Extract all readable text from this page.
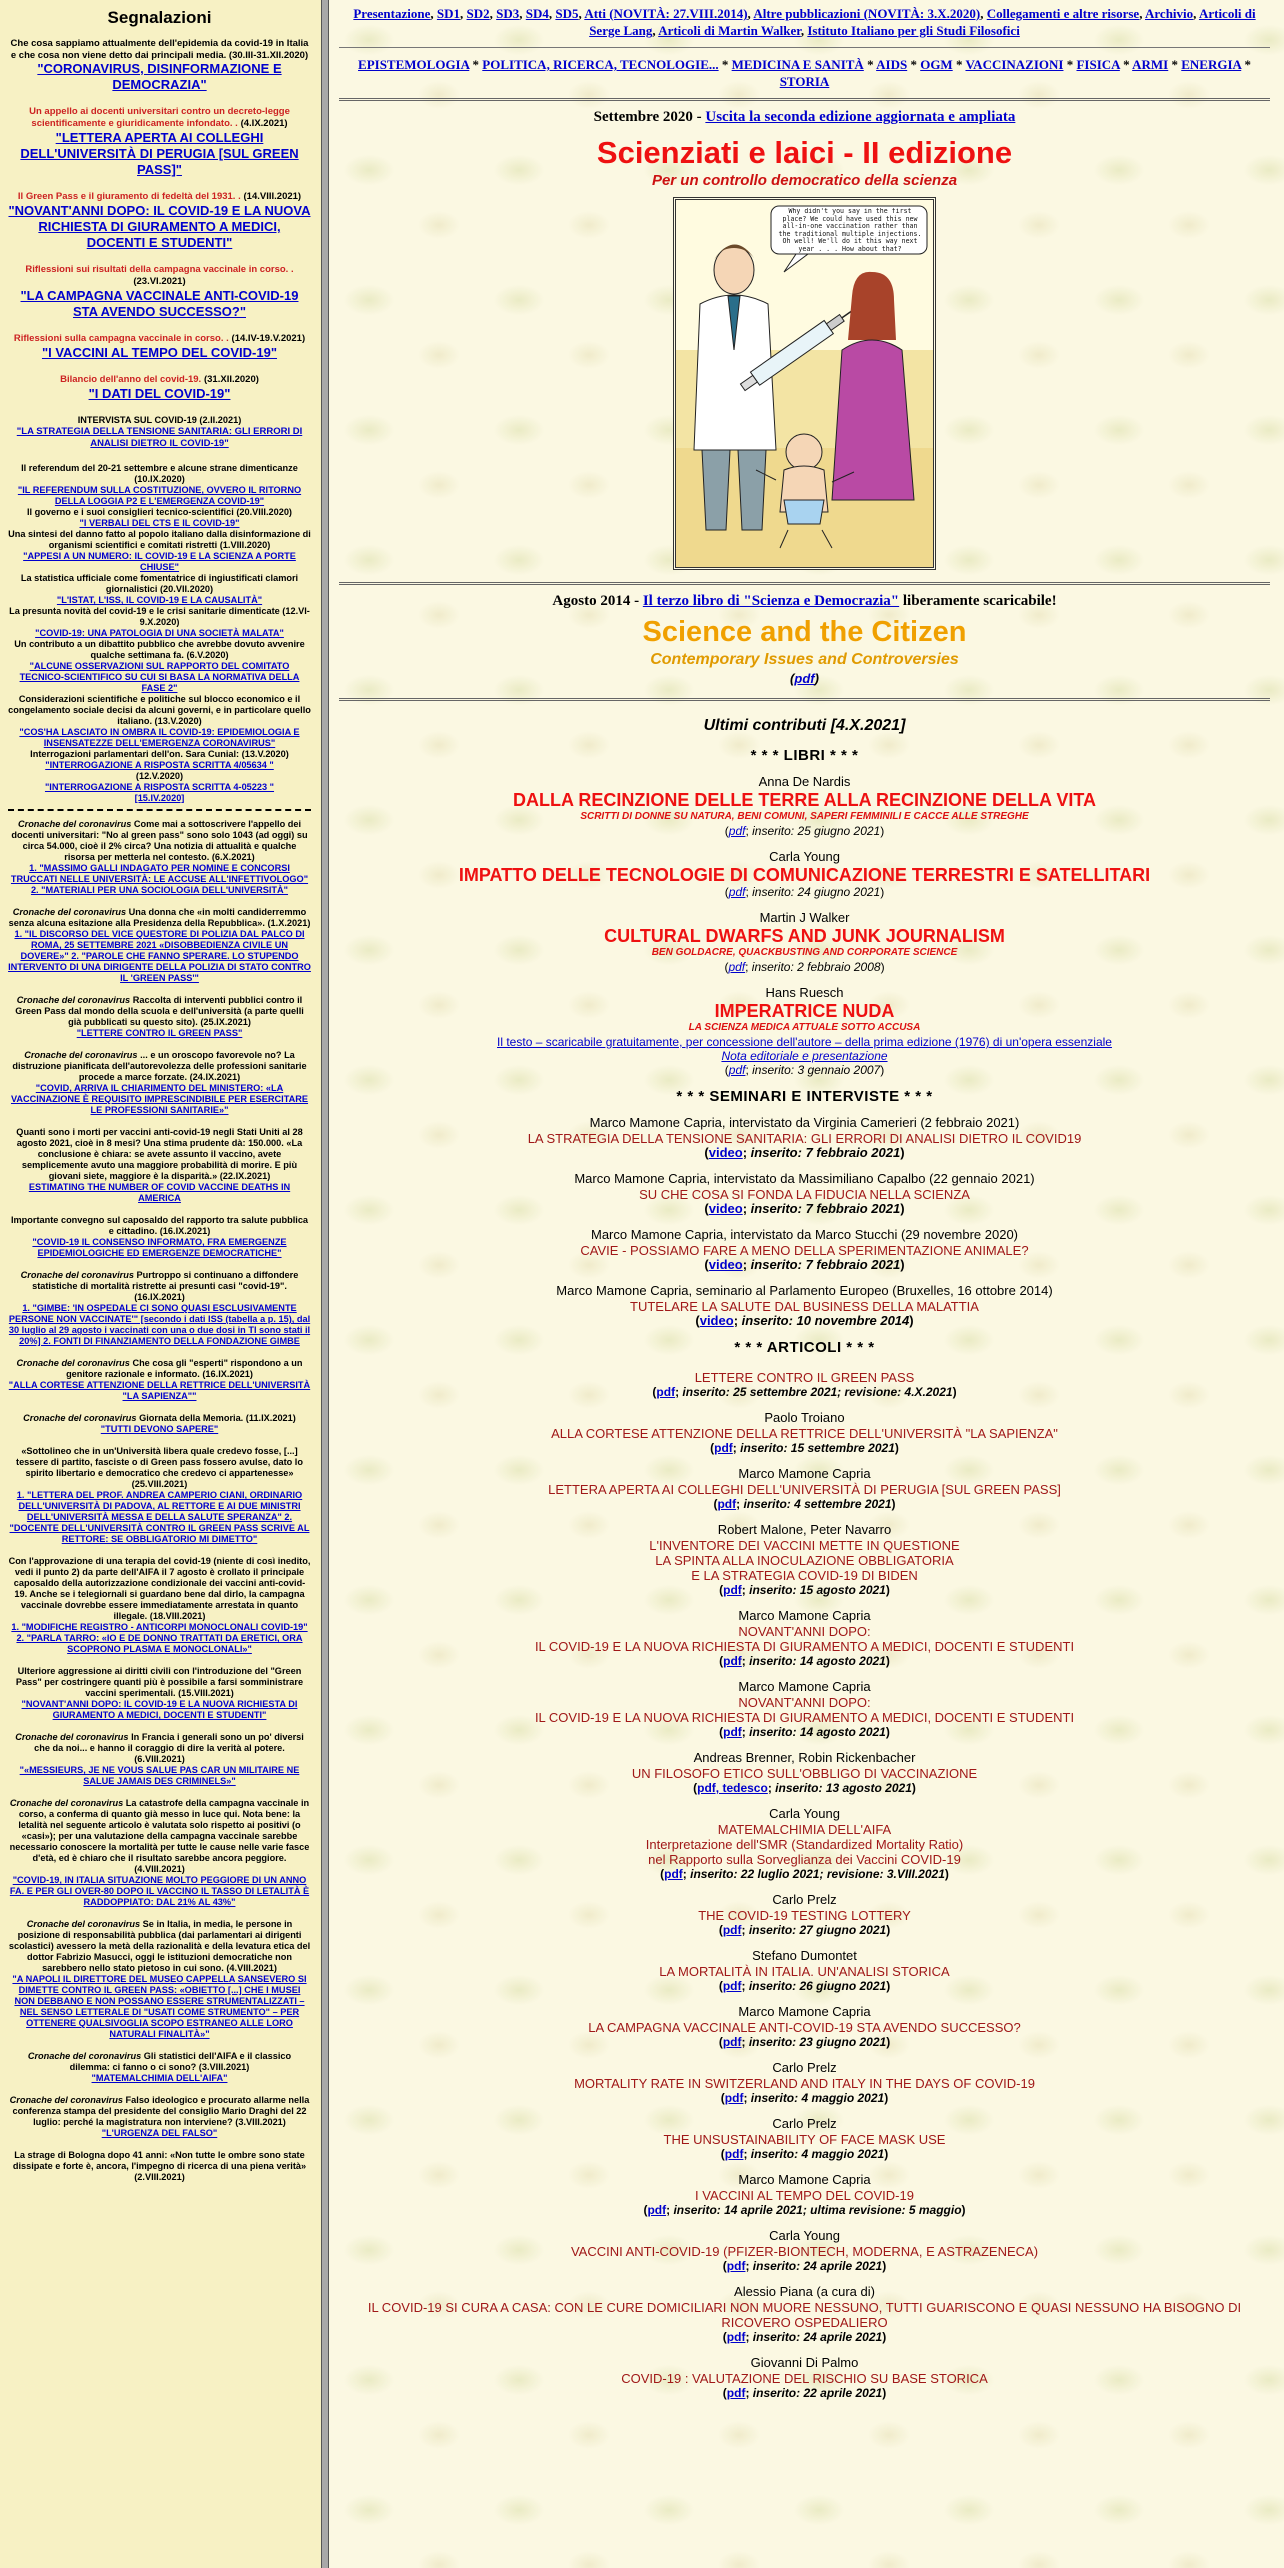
Segnalazioni
Che cosa sappiamo attualmente dell'epidemia da covid-19 in Italia e che cosa non viene detto dai principali media. (30.III-31.XII.2020)
"CORONAVIRUS, DISINFORMAZIONE E DEMOCRAZIA"
Un appello ai docenti universitari contro un decreto-legge scientificamente e giuridicamente infondato. . (4.IX.2021)
"LETTERA APERTA AI COLLEGHI DELL'UNIVERSITÀ DI PERUGIA [SUL GREEN PASS]"
Il Green Pass e il giuramento di fedeltà del 1931. . (14.VIII.2021)
"NOVANT'ANNI DOPO: IL COVID-19 E LA NUOVA RICHIESTA DI GIURAMENTO A MEDICI, DOCENTI E STUDENTI"
Riflessioni sui risultati della campagna vaccinale in corso. . (23.VI.2021)
"LA CAMPAGNA VACCINALE ANTI-COVID-19 STA AVENDO SUCCESSO?"
Riflessioni sulla campagna vaccinale in corso. . (14.IV-19.V.2021)
"I VACCINI AL TEMPO DEL COVID-19"
Bilancio dell'anno del covid-19. (31.XII.2020)
"I DATI DEL COVID-19"
INTERVISTA SUL COVID-19 (2.II.2021)
"LA STRATEGIA DELLA TENSIONE SANITARIA: GLI ERRORI DI ANALISI DIETRO IL COVID-19"
Il referendum del 20-21 settembre e alcune strane dimenticanze (10.IX.2020)
"IL REFERENDUM SULLA COSTITUZIONE, OVVERO IL RITORNO DELLA LOGGIA P2 E L'EMERGENZA COVID-19"
Il governo e i suoi consiglieri tecnico-scientifici (20.VIII.2020)
"I VERBALI DEL CTS E IL COVID-19"
Una sintesi del danno fatto al popolo italiano dalla disinformazione di organismi scientifici e comitati ristretti (1.VIII.2020)
"APPESI A UN NUMERO: IL COVID-19 E LA SCIENZA A PORTE CHIUSE"
La statistica ufficiale come fomentatrice di ingiustificati clamori giornalistici (20.VII.2020)
"L'ISTAT, L'ISS, IL COVID-19 E LA CAUSALITÀ"
La presunta novità del covid-19 e le crisi sanitarie dimenticate (12.VI-9.X.2020)
"COVID-19: UNA PATOLOGIA DI UNA SOCIETÀ MALATA"
Un contributo a un dibattito pubblico che avrebbe dovuto avvenire qualche settimana fa. (6.V.2020)
"ALCUNE OSSERVAZIONI SUL RAPPORTO DEL COMITATO TECNICO-SCIENTIFICO SU CUI SI BASA LA NORMATIVA DELLA FASE 2"
Considerazioni scientifiche e politiche sul blocco economico e il congelamento sociale decisi da alcuni governi, e in particolare quello italiano. (13.V.2020)
"COS'HA LASCIATO IN OMBRA IL COVID-19: EPIDEMIOLOGIA E INSENSATEZZE DELL'EMERGENZA CORONAVIRUS"
Interrogazioni parlamentari dell'on. Sara Cunial: (13.V.2020)
"INTERROGAZIONE A RISPOSTA SCRITTA 4/05634 "
(12.V.2020)
"INTERROGAZIONE A RISPOSTA SCRITTA 4-05223 "
[15.IV.2020]
Cronache del coronavirus Come mai a sottoscrivere l'appello dei docenti universitari: "No al green pass" sono solo 1043 (ad oggi) su circa 54.000, cioè il 2% circa? Una notizia di attualità e qualche risorsa per metterla nel contesto. (6.X.2021)
1. "MASSIMO GALLI INDAGATO PER NOMINE E CONCORSI TRUCCATI NELLE UNIVERSITÀ: LE ACCUSE ALL'INFETTIVOLOGO" 2. "MATERIALI PER UNA SOCIOLOGIA DELL'UNIVERSITÀ"
Cronache del coronavirus Una donna che «in molti candiderremmo senza alcuna esitazione alla Presidenza della Repubblica». (1.X.2021)
1. "IL DISCORSO DEL VICE QUESTORE DI POLIZIA DAL PALCO DI ROMA, 25 SETTEMBRE 2021 «DISOBBEDIENZA CIVILE UN DOVERE»" 2. "PAROLE CHE FANNO SPERARE. LO STUPENDO INTERVENTO DI UNA DIRIGENTE DELLA POLIZIA DI STATO CONTRO IL 'GREEN PASS'"
Cronache del coronavirus Raccolta di interventi pubblici contro il Green Pass dal mondo della scuola e dell'università (a parte quelli già pubblicati su questo sito). (25.IX.2021)
"LETTERE CONTRO IL GREEN PASS"
Cronache del coronavirus ... e un oroscopo favorevole no? La distruzione pianificata dell'autorevolezza delle professioni sanitarie procede a marce forzate. (24.IX.2021)
"COVID, ARRIVA IL CHIARIMENTO DEL MINISTERO: «LA VACCINAZIONE È REQUISITO IMPRESCINDIBILE PER ESERCITARE LE PROFESSIONI SANITARIE»"
Quanti sono i morti per vaccini anti-covid-19 negli Stati Uniti al 28 agosto 2021, cioè in 8 mesi? Una stima prudente dà: 150.000. «La conclusione è chiara: se avete assunto il vaccino, avete semplicemente avuto una maggiore probabilità di morire. E più giovani siete, maggiore è la disparità.» (22.IX.2021)
ESTIMATING THE NUMBER OF COVID VACCINE DEATHS IN AMERICA
Importante convegno sul caposaldo del rapporto tra salute pubblica e cittadino. (16.IX.2021)
"COVID-19 IL CONSENSO INFORMATO, FRA EMERGENZE EPIDEMIOLOGICHE ED EMERGENZE DEMOCRATICHE"
Cronache del coronavirus Purtroppo si continuano a diffondere statistiche di mortalità ristrette ai presunti casi "covid-19". (16.IX.2021)
1. "GIMBE: 'IN OSPEDALE CI SONO QUASI ESCLUSIVAMENTE PERSONE NON VACCINATE'" [secondo i dati ISS (tabella a p. 15), dal 30 luglio al 29 agosto i vaccinati con una o due dosi in TI sono stati il 20%] 2. FONTI DI FINANZIAMENTO DELLA FONDAZIONE GIMBE
Cronache del coronavirus Che cosa gli "esperti" rispondono a un genitore razionale e informato. (16.IX.2021)
"ALLA CORTESE ATTENZIONE DELLA RETTRICE DELL'UNIVERSITÀ "LA SAPIENZA""
Cronache del coronavirus Giornata della Memoria. (11.IX.2021)
"TUTTI DEVONO SAPERE"
«Sottolineo che in un'Università libera quale credevo fosse, [...] tessere di partito, fasciste o di Green pass fossero avulse, dato lo spirito libertario e democratico che credevo ci appartenesse» (25.VIII.2021)
1. "LETTERA DEL PROF. ANDREA CAMPERIO CIANI, ORDINARIO DELL'UNIVERSITÀ DI PADOVA, AL RETTORE E AI DUE MINISTRI DELL'UNIVERSITÀ MESSA E DELLA SALUTE SPERANZA" 2. "DOCENTE DELL'UNIVERSITÀ CONTRO IL GREEN PASS SCRIVE AL RETTORE: SE OBBLIGATORIO MI DIMETTO"
Con l'approvazione di una terapia del covid-19 (niente di così inedito, vedi il punto 2) da parte dell'AIFA il 7 agosto è crollato il principale caposaldo della autorizzazione condizionale dei vaccini anti-covid-19. Anche se i telegiornali si guardano bene dal dirlo, la campagna vaccinale dovrebbe essere immediatamente arrestata in quanto illegale. (18.VIII.2021)
1. "MODIFICHE REGISTRO - ANTICORPI MONOCLONALI COVID-19" 2. "PARLA TARRO: «IO E DE DONNO TRATTATI DA ERETICI, ORA SCOPRONO PLASMA E MONOCLONALI»"
Ulteriore aggressione ai diritti civili con l'introduzione del "Green Pass" per costringere quanti più è possibile a farsi somministrare vaccini sperimentali. (15.VIII.2021)
"NOVANT'ANNI DOPO: IL COVID-19 E LA NUOVA RICHIESTA DI GIURAMENTO A MEDICI, DOCENTI E STUDENTI"
Cronache del coronavirus In Francia i generali sono un po' diversi che da noi... e hanno il coraggio di dire la verità al potere. (6.VIII.2021)
"«MESSIEURS, JE NE VOUS SALUE PAS CAR UN MILITAIRE NE SALUE JAMAIS DES CRIMINELS»"
Cronache del coronavirus La catastrofe della campagna vaccinale in corso, a conferma di quanto già messo in luce qui. Nota bene: la letalità nel seguente articolo è valutata solo rispetto ai positivi (o «casi»); per una valutazione della campagna vaccinale sarebbe necessario conoscere la mortalità per tutte le cause nelle varie fasce d'età, ed è chiaro che il risultato sarebbe ancora peggiore. (4.VIII.2021)
"COVID-19, IN ITALIA SITUAZIONE MOLTO PEGGIORE DI UN ANNO FA. E PER GLI OVER-80 DOPO IL VACCINO IL TASSO DI LETALITÀ È RADDOPPIATO: DAL 21% AL 43%"
Cronache del coronavirus Se in Italia, in media, le persone in posizione di responsabilità pubblica (dai parlamentari ai dirigenti scolastici) avessero la metà della razionalità e della levatura etica del dottor Fabrizio Masucci, oggi le istituzioni democratiche non sarebbero nello stato pietoso in cui sono. (4.VIII.2021)
"A NAPOLI IL DIRETTORE DEL MUSEO CAPPELLA SANSEVERO SI DIMETTE CONTRO IL GREEN PASS: «OBIETTO [...] CHE I MUSEI NON DEBBANO E NON POSSANO ESSERE STRUMENTALIZZATI – NEL SENSO LETTERALE DI "USATI COME STRUMENTO" – PER OTTENERE QUALSIVOGLIA SCOPO ESTRANEO ALLE LORO NATURALI FINALITÀ»"
Cronache del coronavirus Gli statistici dell'AIFA e il classico dilemma: ci fanno o ci sono? (3.VIII.2021)
"MATEMALCHIMIA DELL'AIFA"
Cronache del coronavirus Falso ideologico e procurato allarme nella conferenza stampa del presidente del consiglio Mario Draghi del 22 luglio: perché la magistratura non interviene? (3.VIII.2021)
"L'URGENZA DEL FALSO"
La strage di Bologna dopo 41 anni: «Non tutte le ombre sono state dissipate e forte è, ancora, l'impegno di ricerca di una piena verità» (2.VIII.2021)
Presentazione, SD1, SD2, SD3, SD4, SD5, Atti (NOVITÀ: 27.VIII.2014), Altre pubblicazioni (NOVITÀ: 3.X.2020), Collegamenti e altre risorse, Archivio, Articoli di Serge Lang, Articoli di Martin Walker, Istituto Italiano per gli Studi Filosofici
EPISTEMOLOGIA * POLITICA, RICERCA, TECNOLOGIE... * MEDICINA E SANITÀ * AIDS * OGM * VACCINAZIONI * FISICA * ARMI * ENERGIA * STORIA
Settembre 2020 - Uscita la seconda edizione aggiornata e ampliata
Scienziati e laici - II edizione
Per un controllo democratico della scienza
Why didn't you say in the first place? We could have used this new all-in-one vaccination rather than the traditional multiple injections. Oh well! We'll do it this way next year . . . How about that?
Agosto 2014 - Il terzo libro di "Scienza e Democrazia" liberamente scaricabile!
Science and the Citizen
Contemporary Issues and Controversies
(pdf)
Ultimi contributi [4.X.2021]
* * * LIBRI * * *
Anna De Nardis
DALLA RECINZIONE DELLE TERRE ALLA RECINZIONE DELLA VITA
SCRITTI DI DONNE SU NATURA, BENI COMUNI, SAPERI FEMMINILI E CACCE ALLE STREGHE
(pdf; inserito: 25 giugno 2021)
Carla Young
IMPATTO DELLE TECNOLOGIE DI COMUNICAZIONE TERRESTRI E SATELLITARI
(pdf; inserito: 24 giugno 2021)
Martin J Walker
CULTURAL DWARFS AND JUNK JOURNALISM
BEN GOLDACRE, QUACKBUSTING AND CORPORATE SCIENCE
(pdf; inserito: 2 febbraio 2008)
Hans Ruesch
IMPERATRICE NUDA
LA SCIENZA MEDICA ATTUALE SOTTO ACCUSA
Il testo – scaricabile gratuitamente, per concessione dell'autore – della prima edizione (1976) di un'opera essenziale
Nota editoriale e presentazione
(pdf; inserito: 3 gennaio 2007)
* * * SEMINARI E INTERVISTE * * *
Marco Mamone Capria, intervistato da Virginia Camerieri (2 febbraio 2021)
LA STRATEGIA DELLA TENSIONE SANITARIA: GLI ERRORI DI ANALISI DIETRO IL COVID19
(video; inserito: 7 febbraio 2021)
Marco Mamone Capria, intervistato da Massimiliano Capalbo (22 gennaio 2021)
SU CHE COSA SI FONDA LA FIDUCIA NELLA SCIENZA
(video; inserito: 7 febbraio 2021)
Marco Mamone Capria, intervistato da Marco Stucchi (29 novembre 2020)
CAVIE - POSSIAMO FARE A MENO DELLA SPERIMENTAZIONE ANIMALE?
(video; inserito: 7 febbraio 2021)
Marco Mamone Capria, seminario al Parlamento Europeo (Bruxelles, 16 ottobre 2014)
TUTELARE LA SALUTE DAL BUSINESS DELLA MALATTIA
(video; inserito: 10 novembre 2014)
* * * ARTICOLI * * *
LETTERE CONTRO IL GREEN PASS
(pdf; inserito: 25 settembre 2021; revisione: 4.X.2021)
Paolo Troiano
ALLA CORTESE ATTENZIONE DELLA RETTRICE DELL'UNIVERSITÀ "LA SAPIENZA"
(pdf; inserito: 15 settembre 2021)
Marco Mamone Capria
LETTERA APERTA AI COLLEGHI DELL'UNIVERSITÀ DI PERUGIA [SUL GREEN PASS]
(pdf; inserito: 4 settembre 2021)
Robert Malone, Peter Navarro
L'INVENTORE DEI VACCINI METTE IN QUESTIONE
LA SPINTA ALLA INOCULAZIONE OBBLIGATORIA
E LA STRATEGIA COVID-19 DI BIDEN
(pdf; inserito: 15 agosto 2021)
Marco Mamone Capria
NOVANT'ANNI DOPO:
IL COVID-19 E LA NUOVA RICHIESTA DI GIURAMENTO A MEDICI, DOCENTI E STUDENTI
(pdf; inserito: 14 agosto 2021)
Marco Mamone Capria
NOVANT'ANNI DOPO:
IL COVID-19 E LA NUOVA RICHIESTA DI GIURAMENTO A MEDICI, DOCENTI E STUDENTI
(pdf; inserito: 14 agosto 2021)
Andreas Brenner, Robin Rickenbacher
UN FILOSOFO ETICO SULL'OBBLIGO DI VACCINAZIONE
(pdf, tedesco; inserito: 13 agosto 2021)
Carla Young
MATEMALCHIMIA DELL'AIFA
Interpretazione dell'SMR (Standardized Mortality Ratio)
nel Rapporto sulla Sorveglianza dei Vaccini COVID-19
(pdf; inserito: 22 luglio 2021; revisione: 3.VIII.2021)
Carlo Prelz
THE COVID-19 TESTING LOTTERY
(pdf; inserito: 27 giugno 2021)
Stefano Dumontet
LA MORTALITÀ IN ITALIA. UN'ANALISI STORICA
(pdf; inserito: 26 giugno 2021)
Marco Mamone Capria
LA CAMPAGNA VACCINALE ANTI-COVID-19 STA AVENDO SUCCESSO?
(pdf; inserito: 23 giugno 2021)
Carlo Prelz
MORTALITY RATE IN SWITZERLAND AND ITALY IN THE DAYS OF COVID-19
(pdf; inserito: 4 maggio 2021)
Carlo Prelz
THE UNSUSTAINABILITY OF FACE MASK USE
(pdf; inserito: 4 maggio 2021)
Marco Mamone Capria
I VACCINI AL TEMPO DEL COVID-19
(pdf; inserito: 14 aprile 2021; ultima revisione: 5 maggio)
Carla Young
VACCINI ANTI-COVID-19 (PFIZER-BIONTECH, MODERNA, E ASTRAZENECA)
(pdf; inserito: 24 aprile 2021)
Alessio Piana (a cura di)
IL COVID-19 SI CURA A CASA: CON LE CURE DOMICILIARI NON MUORE NESSUNO, TUTTI GUARISCONO E QUASI NESSUNO HA BISOGNO DI RICOVERO OSPEDALIERO
(pdf; inserito: 24 aprile 2021)
Giovanni Di Palmo
COVID-19 : VALUTAZIONE DEL RISCHIO SU BASE STORICA
(pdf; inserito: 22 aprile 2021)
